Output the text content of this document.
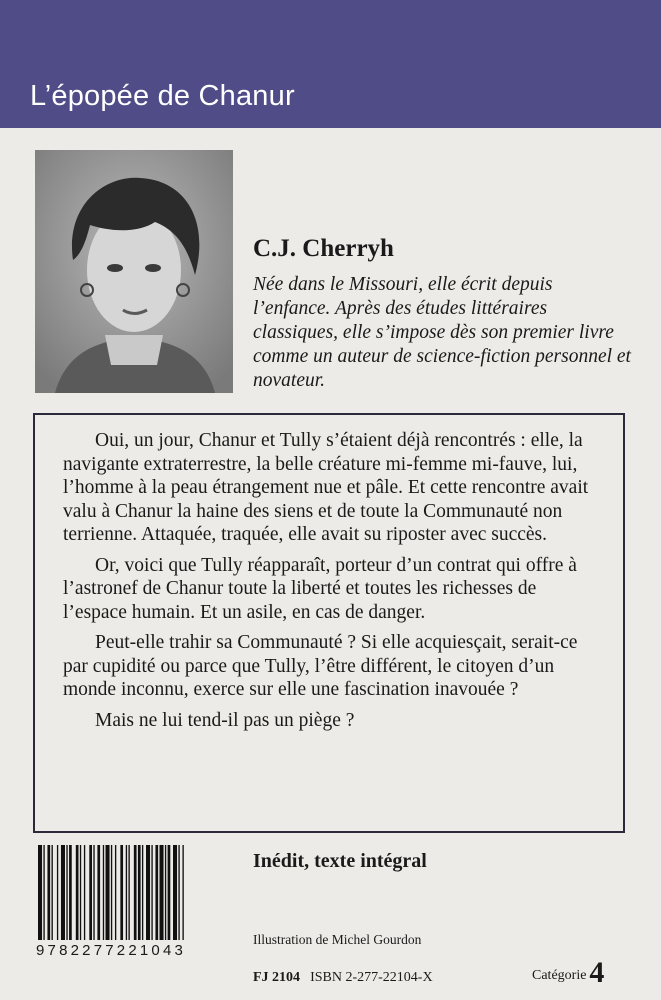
L’épopée de Chanur
C.J. Cherryh

Née dans le Missouri, elle écrit depuis l’enfance. Après des études littéraires classiques, elle s’impose dès son premier livre comme un auteur de science-fiction personnel et novateur.

Oui, un jour, Chanur et Tully s’étaient déjà rencontrés : elle, la navigante extraterrestre, la belle créature mi-femme mi-fauve, lui, l’homme à la peau étrangement nue et pâle. Et cette rencontre avait valu à Chanur la haine des siens et de toute la Communauté non terrienne. Attaquée, traquée, elle avait su riposter avec succès.

Or, voici que Tully réapparaît, porteur d’un contrat qui offre à l’astronef de Chanur toute la liberté et toutes les richesses de l’espace humain. Et un asile, en cas de danger.

Peut-elle trahir sa Communauté ? Si elle acquiesçait, serait-ce par cupidité ou parce que Tully, l’être différent, le citoyen d’un monde inconnu, exerce sur elle une fascination inavouée ?

Mais ne lui tend-il pas un piège ?

9782277221043
Inédit, texte intégral
Illustration de Michel Gourdon
FJ 2104 ISBN 2-277-22104-X	Catégorie 4
